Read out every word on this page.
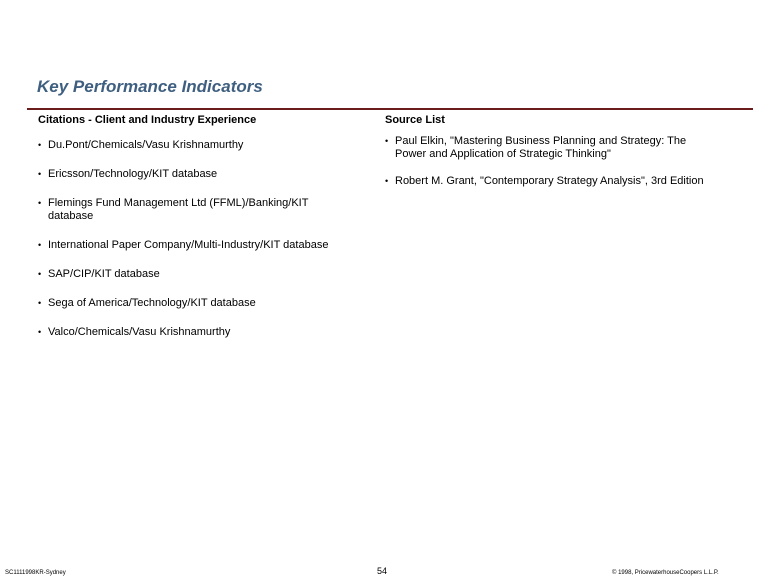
Key Performance Indicators
Citations - Client and Industry Experience	Source List
• Du.Pont/Chemicals/Vasu Krishnamurthy
• Ericsson/Technology/KIT database
• Flemings Fund Management Ltd (FFML)/Banking/KIT database
• International Paper Company/Multi-Industry/KIT database
• SAP/CIP/KIT database
• Sega of America/Technology/KIT database
• Valco/Chemicals/Vasu Krishnamurthy
• Paul Elkin, "Mastering Business Planning and Strategy: The Power and Application of Strategic Thinking"
• Robert M. Grant, "Contemporary Strategy Analysis", 3rd Edition
SC1111998KR-Sydney	54	© 1998, PricewaterhouseCoopers L.L.P.
